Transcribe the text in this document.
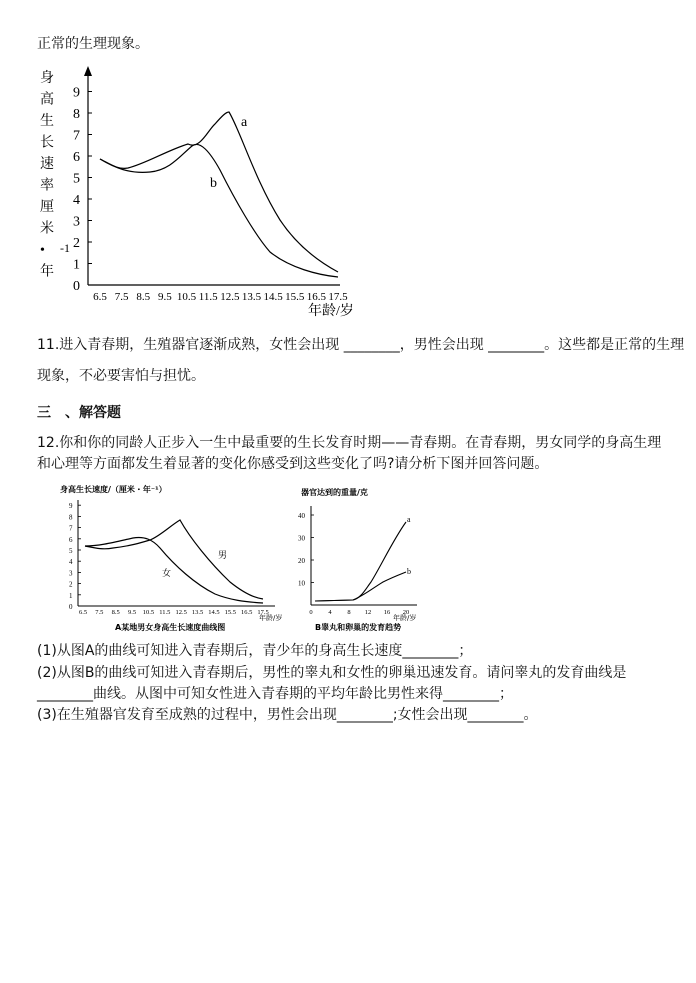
正常的生理现象。
身
高
生
长
速
率
厘
米
•
年
-1
0
1
2
3
4
5
6
7
8
9
6.5 7.5 8.5 9.5 10.5 11.5 12.5 13.5 14.5 15.5 16.5 17.5
年龄/岁
a
b
11.进入青春期，生殖器官逐渐成熟，女性会出现 ________，男性会出现 ________。这些都是正常的生理
现象，不必要害怕与担忧。
三　、解答题
12.你和你的同龄人正步入一生中最重要的生长发育时期——青春期。在青春期，男女同学的身高生理
和心理等方面都发生着显著的变化你感受到这些变化了吗?请分析下图并回答问题。
身高生长速度/（厘米・年⁻¹）
0
1
2
3
4
5
6
7
8
9
6.5 7.5 8.5 9.5 10.5 11.5 12.5 13.5 14.5 15.5 16.5 17.5
年龄/岁
男
女
A某地男女身高生长速度曲线图
器官达到的重量/克
10
20
30
40
0 4 8 12 16 20
年龄/岁
a
b
B睾丸和卵巢的发育趋势
(1)从图A的曲线可知进入青春期后，青少年的身高生长速度________；
(2)从图B的曲线可知进入青春期后，男性的睾丸和女性的卵巢迅速发育。请问睾丸的发育曲线是
________曲线。从图中可知女性进入青春期的平均年龄比男性来得________；
(3)在生殖器官发育至成熟的过程中，男性会出现________;女性会出现________。
